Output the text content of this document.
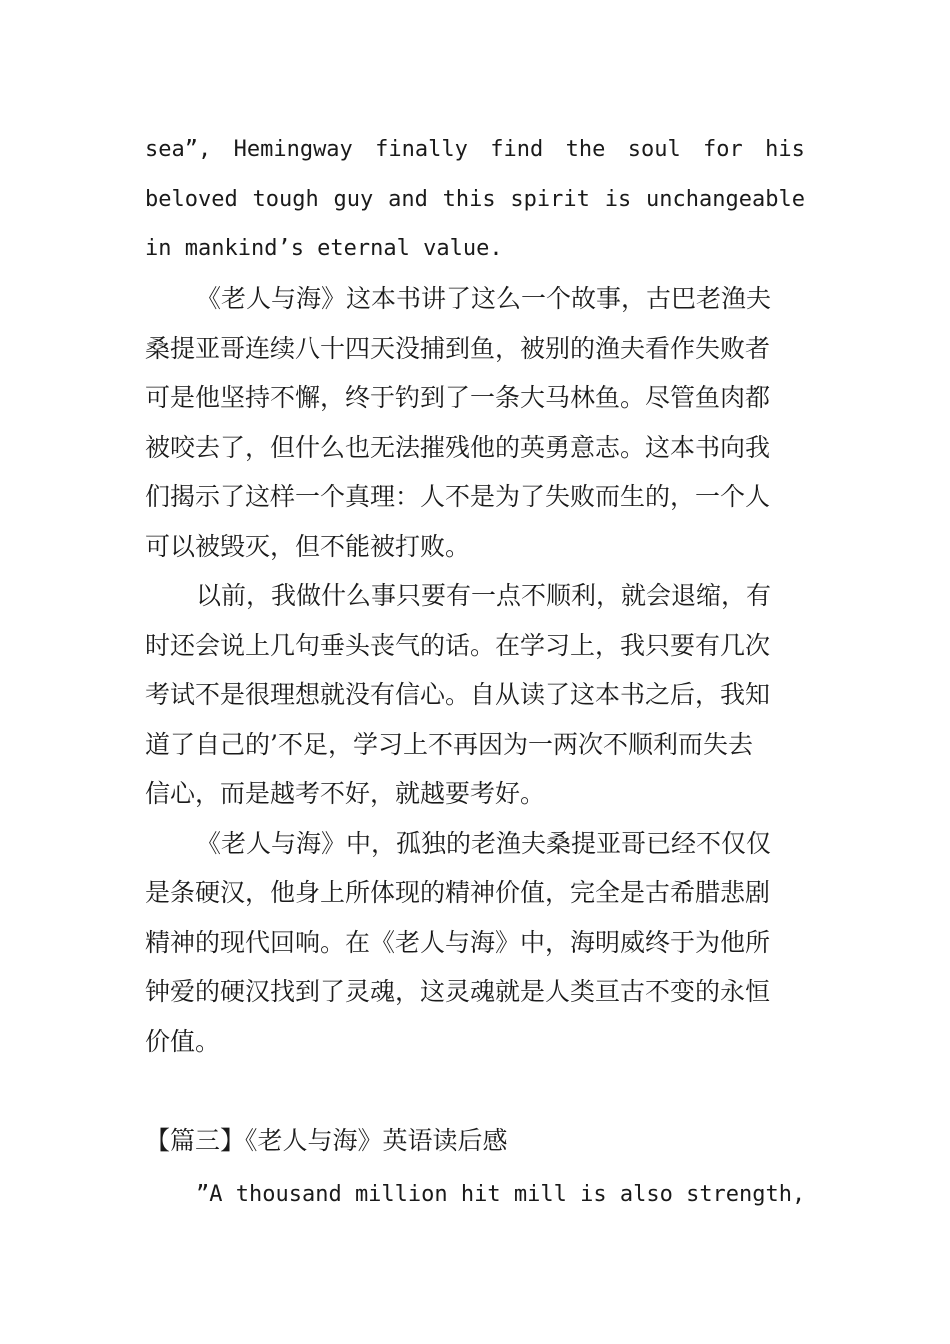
sea”, Hemingway finally find the soul for his
beloved tough guy and this spirit is unchangeable
in mankind’s eternal value.
《老人与海》这本书讲了这么一个故事，古巴老渔夫
桑提亚哥连续八十四天没捕到鱼，被别的渔夫看作失败者
可是他坚持不懈，终于钓到了一条大马林鱼。尽管鱼肉都
被咬去了，但什么也无法摧残他的英勇意志。这本书向我
们揭示了这样一个真理：人不是为了失败而生的，一个人
可以被毁灭，但不能被打败。
以前，我做什么事只要有一点不顺利，就会退缩，有
时还会说上几句垂头丧气的话。在学习上，我只要有几次
考试不是很理想就没有信心。自从读了这本书之后，我知
道了自己的’不足，学习上不再因为一两次不顺利而失去
信心，而是越考不好，就越要考好。
《老人与海》中，孤独的老渔夫桑提亚哥已经不仅仅
是条硬汉，他身上所体现的精神价值，完全是古希腊悲剧
精神的现代回响。在《老人与海》中，海明威终于为他所
钟爱的硬汉找到了灵魂，这灵魂就是人类亘古不变的永恒
价值。
【篇三】《老人与海》英语读后感
”A thousand million hit mill is also strength,
